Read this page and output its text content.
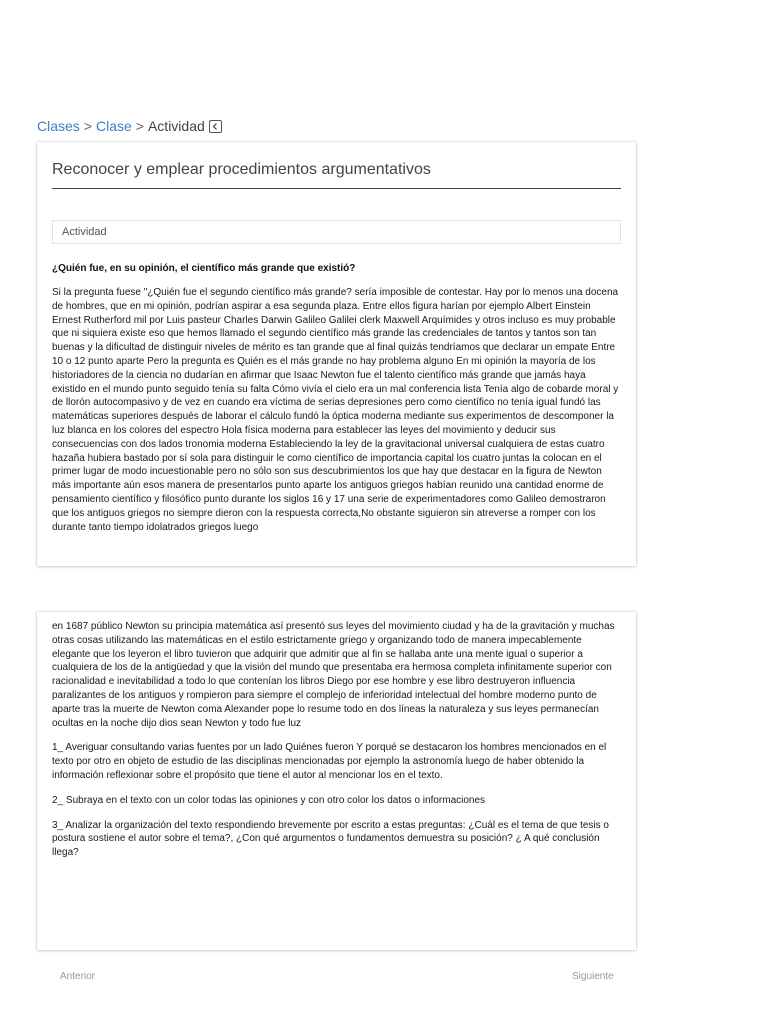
Clases > Clase > Actividad
Reconocer y emplear procedimientos argumentativos
Actividad
¿Quién fue, en su opinión, el científico más grande que existió?
Si la pregunta fuese "¿Quién fue el segundo científico más grande? sería imposible de contestar. Hay por lo menos una docena de hombres, que en mi opinión, podrían aspirar a esa segunda plaza. Entre ellos figura harían por ejemplo Albert Einstein Ernest Rutherford mil por Luis pasteur Charles Darwin Galileo Galilei clerk Maxwell Arquímides y otros incluso es muy probable que ni siquiera existe eso que hemos llamado el segundo científico más grande las credenciales de tantos y tantos son tan buenas y la dificultad de distinguir niveles de mérito es tan grande que al final quizás tendríamos que declarar un empate Entre 10 o 12 punto aparte Pero la pregunta es Quién es el más grande no hay problema alguno En mi opinión la mayoría de los historiadores de la ciencia no dudarían en afirmar que Isaac Newton fue el talento científico más grande que jamás haya existido en el mundo punto seguido tenía su falta Cómo vivía el cielo era un mal conferencia lista Tenía algo de cobarde moral y de llorón autocompasivo y de vez en cuando era víctima de serias depresiones pero como científico no tenía igual fundó las matemáticas superiores después de laborar el cálculo fundó la óptica moderna mediante sus experimentos de descomponer la luz blanca en los colores del espectro Hola física moderna para establecer las leyes del movimiento y deducir sus consecuencias con dos lados tronomia moderna Estableciendo la ley de la gravitacional universal cualquiera de estas cuatro hazaña hubiera bastado por sí sola para distinguir le como científico de importancia capital los cuatro juntas la colocan en el primer lugar de modo incuestionable pero no sólo son sus descubrimientos los que hay que destacar en la figura de Newton más importante aún esos manera de presentarlos punto aparte los antiguos griegos habían reunido una cantidad enorme de pensamiento científico y filosófico punto durante los siglos 16 y 17 una serie de experimentadores como Galileo demostraron que los antiguos griegos no siempre dieron con la respuesta correcta,No obstante siguieron sin atreverse a romper con los durante tanto tiempo idolatrados griegos luego
en 1687 público Newton su principia matemática así presentó sus leyes del movimiento ciudad y ha de la gravitación y muchas otras cosas utilizando las matemáticas en el estilo estrictamente griego y organizando todo de manera impecablemente elegante que los leyeron el libro tuvieron que adquirir que admitir que al fin se hallaba ante una mente igual o superior a cualquiera de los de la antigüedad y que la visión del mundo que presentaba era hermosa completa infinitamente superior con racionalidad e inevitabilidad a todo lo que contenían los libros Diego por ese hombre y ese libro destruyeron influencia paralizantes de los antiguos y rompieron para siempre el complejo de inferioridad intelectual del hombre moderno punto de aparte tras la muerte de Newton coma Alexander pope lo resume todo en dos líneas la naturaleza y sus leyes permanecían ocultas en la noche dijo dios sean Newton y todo fue luz
1_ Averiguar consultando varias fuentes por un lado Quiénes fueron Y porqué se destacaron los hombres mencionados en el texto por otro en objeto de estudio de las disciplinas mencionadas por ejemplo la astronomía luego de haber obtenido la información reflexionar sobre el propósito que tiene el autor al mencionar los en el texto.
2_ Subraya en el texto con un color todas las opiniones y con otro color los datos o informaciones
3_ Analizar la organización del texto respondiendo brevemente por escrito a estas preguntas: ¿Cuál es el tema de que tesis o postura sostiene el autor sobre el tema?, ¿Con qué argumentos o fundamentos demuestra su posición? ¿ A qué conclusión llega?
Anterior	Siguiente
